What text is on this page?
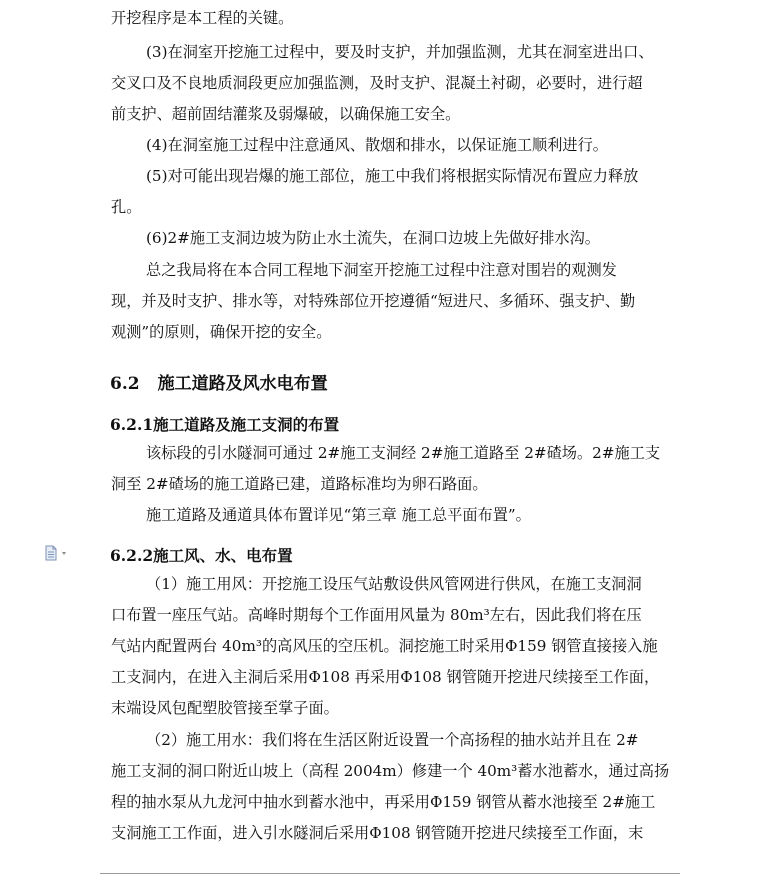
开挖程序是本工程的关键。
(3)在洞室开挖施工过程中，要及时支护，并加强监测，尤其在洞室进出口、
交叉口及不良地质洞段更应加强监测，及时支护、混凝土衬砌，必要时，进行超
前支护、超前固结灌浆及弱爆破，以确保施工安全。
(4)在洞室施工过程中注意通风、散烟和排水，以保证施工顺利进行。
(5)对可能出现岩爆的施工部位，施工中我们将根据实际情况布置应力释放
孔。
(6)2#施工支洞边坡为防止水土流失，在洞口边坡上先做好排水沟。
总之我局将在本合同工程地下洞室开挖施工过程中注意对围岩的观测发
现，并及时支护、排水等，对特殊部位开挖遵循“短进尺、多循环、强支护、勤
观测”的原则，确保开挖的安全。
6.2 施工道路及风水电布置
6.2.1施工道路及施工支洞的布置
该标段的引水隧洞可通过 2#施工支洞经 2#施工道路至 2#碴场。2#施工支
洞至 2#碴场的施工道路已建，道路标准均为卵石路面。
施工道路及通道具体布置详见“第三章 施工总平面布置”。
6.2.2施工风、水、电布置
（1）施工用风：开挖施工设压气站敷设供风管网进行供风，在施工支洞洞
口布置一座压气站。高峰时期每个工作面用风量为 80m³左右，因此我们将在压
气站内配置两台 40m³的高风压的空压机。洞挖施工时采用Φ159 钢管直接接入施
工支洞内，在进入主洞后采用Φ108 再采用Φ108 钢管随开挖进尺续接至工作面，
末端设风包配塑胶管接至掌子面。
（2）施工用水：我们将在生活区附近设置一个高扬程的抽水站并且在 2#
施工支洞的洞口附近山坡上（高程 2004m）修建一个 40m³蓄水池蓄水，通过高扬
程的抽水泵从九龙河中抽水到蓄水池中，再采用Φ159 钢管从蓄水池接至 2#施工
支洞施工工作面，进入引水隧洞后采用Φ108 钢管随开挖进尺续接至工作面，末
